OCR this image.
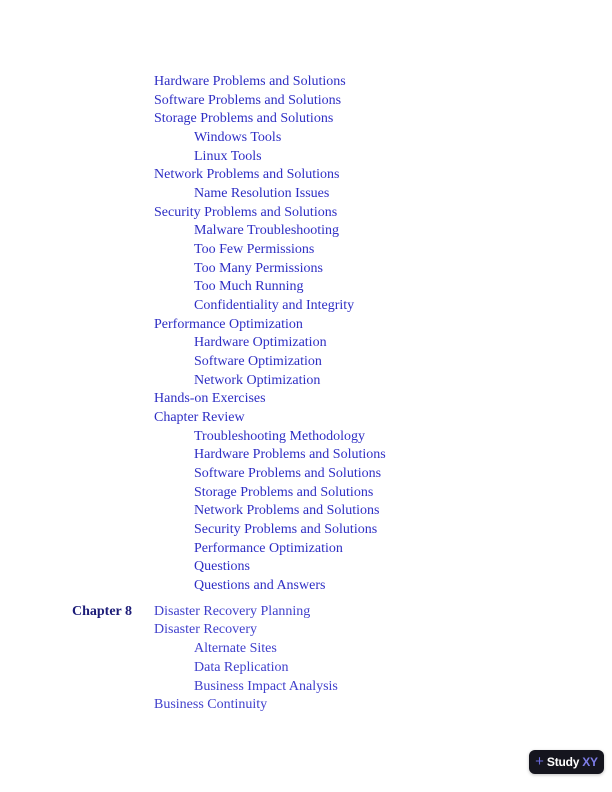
Hardware Problems and Solutions
Software Problems and Solutions
Storage Problems and Solutions
Windows Tools
Linux Tools
Network Problems and Solutions
Name Resolution Issues
Security Problems and Solutions
Malware Troubleshooting
Too Few Permissions
Too Many Permissions
Too Much Running
Confidentiality and Integrity
Performance Optimization
Hardware Optimization
Software Optimization
Network Optimization
Hands-on Exercises
Chapter Review
Troubleshooting Methodology
Hardware Problems and Solutions
Software Problems and Solutions
Storage Problems and Solutions
Network Problems and Solutions
Security Problems and Solutions
Performance Optimization
Questions
Questions and Answers
Chapter 8 Disaster Recovery Planning
Disaster Recovery
Alternate Sites
Data Replication
Business Impact Analysis
Business Continuity
+ Study XY
